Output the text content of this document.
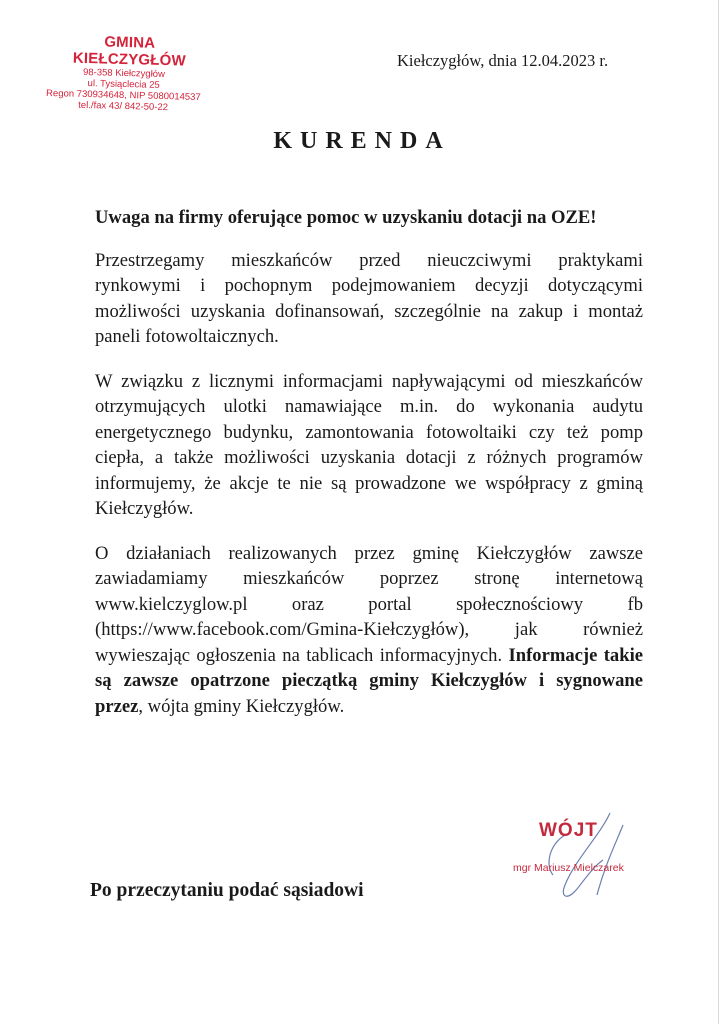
GMINA KIEŁCZYGŁÓW
98-358 Kiełczygłów
ul. Tysiąclecia 25
Regon 730934648, NIP 5080014537
tel./fax 43/ 842-50-22
Kiełczygłów, dnia 12.04.2023 r.
KURENDA

Uwaga na firmy oferujące pomoc w uzyskaniu dotacji na OZE!

Przestrzegamy mieszkańców przed nieuczciwymi praktykami rynkowymi i pochopnym podejmowaniem decyzji dotyczącymi możliwości uzyskania dofinansowań, szczególnie na zakup i montaż paneli fotowoltaicznych.

W związku z licznymi informacjami napływającymi od mieszkańców otrzymujących ulotki namawiające m.in. do wykonania audytu energetycznego budynku, zamontowania fotowoltaiki czy też pomp ciepła, a także możliwości uzyskania dotacji z różnych programów informujemy, że akcje te nie są prowadzone we współpracy z gminą Kiełczygłów.

O działaniach realizowanych przez gminę Kiełczygłów zawsze zawiadamiamy mieszkańców poprzez stronę internetową www.kielczyglow.pl oraz portal społecznościowy fb (https://www.facebook.com/Gmina-Kiełczygłów), jak również wywieszając ogłoszenia na tablicach informacyjnych. Informacje takie są zawsze opatrzone pieczątką gminy Kiełczygłów i sygnowane przez, wójta gminy Kiełczygłów.

WÓJT
mgr Mariusz Mielczarek
Po przeczytaniu podać sąsiadowi
